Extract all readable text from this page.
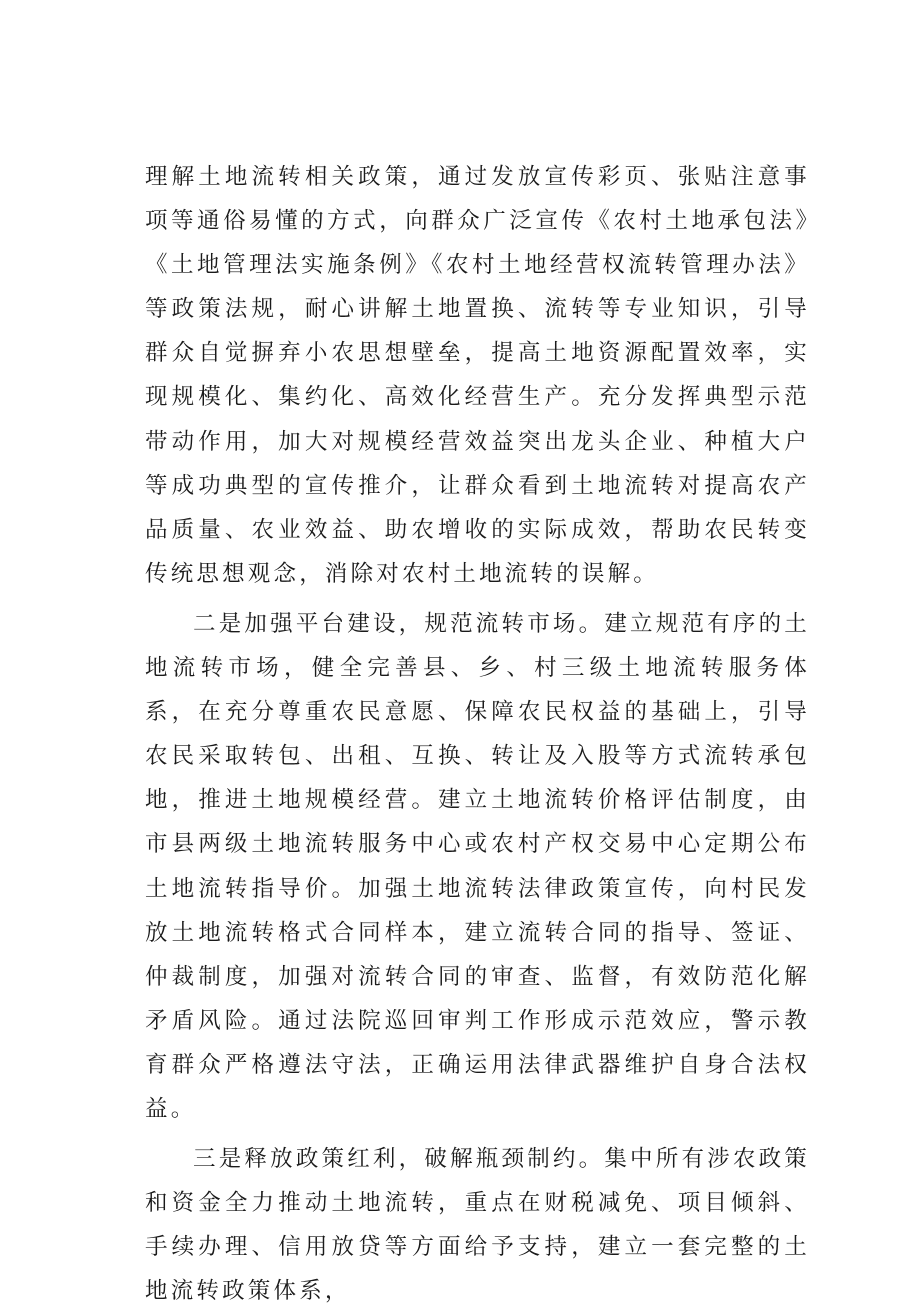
理解土地流转相关政策，通过发放宣传彩页、张贴注意事项等通俗易懂的方式，向群众广泛宣传《农村土地承包法》《土地管理法实施条例》《农村土地经营权流转管理办法》等政策法规，耐心讲解土地置换、流转等专业知识，引导群众自觉摒弃小农思想壁垒，提高土地资源配置效率，实现规模化、集约化、高效化经营生产。充分发挥典型示范带动作用，加大对规模经营效益突出龙头企业、种植大户等成功典型的宣传推介，让群众看到土地流转对提高农产品质量、农业效益、助农增收的实际成效，帮助农民转变传统思想观念，消除对农村土地流转的误解。

二是加强平台建设，规范流转市场。建立规范有序的土地流转市场，健全完善县、乡、村三级土地流转服务体系，在充分尊重农民意愿、保障农民权益的基础上，引导农民采取转包、出租、互换、转让及入股等方式流转承包地，推进土地规模经营。建立土地流转价格评估制度，由市县两级土地流转服务中心或农村产权交易中心定期公布土地流转指导价。加强土地流转法律政策宣传，向村民发放土地流转格式合同样本，建立流转合同的指导、签证、仲裁制度，加强对流转合同的审查、监督，有效防范化解矛盾风险。通过法院巡回审判工作形成示范效应，警示教育群众严格遵法守法，正确运用法律武器维护自身合法权益。

三是释放政策红利，破解瓶颈制约。集中所有涉农政策和资金全力推动土地流转，重点在财税减免、项目倾斜、手续办理、信用放贷等方面给予支持，建立一套完整的土地流转政策体系，
